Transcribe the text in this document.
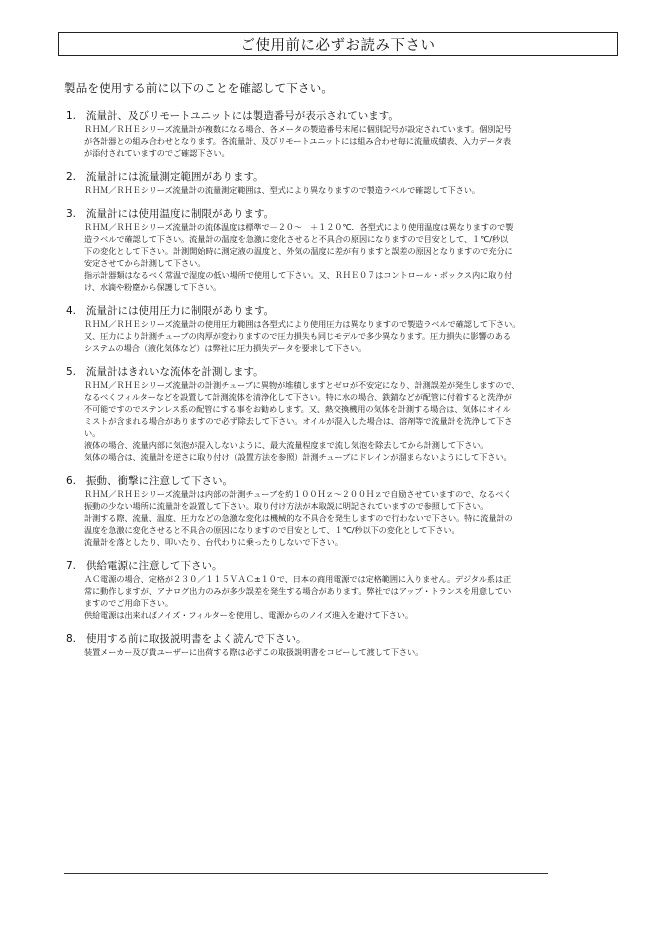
ご使用前に必ずお読み下さい
製品を使用する前に以下のことを確認して下さい。
1. 流量計、及びリモートユニットには製造番号が表示されています。

ＲＨＭ／ＲＨＥシリーズ流量計が複数になる場合、各メータの製造番号末尾に個別記号が設定されています。個別記号

が各計器との組み合わせとなります。各流量計、及びリモートユニットには組み合わせ毎に流量成績表、入力データ表

が添付されていますのでご確認下さい。

2. 流量計には流量測定範囲があります。

ＲＨＭ／ＲＨＥシリーズ流量計の流量測定範囲は、型式により異なりますので製造ラベルで確認して下さい。

3. 流量計には使用温度に制限があります。

ＲＨＭ／ＲＨＥシリーズ流量計の流体温度は標準で－２０～　＋１２０℃．各型式により使用温度は異なりますので製

造ラベルで確認して下さい。流量計の温度を急激に変化させると不具合の原因になりますので目安として、１℃/秒以

下の変化として下さい。計測開始時に測定液の温度と、外気の温度に差が有りますと誤差の原因となりますので充分に

安定させてから計測して下さい。

指示計器類はなるべく常温で湿度の低い場所で使用して下さい。又、ＲＨＥ０７はコントロール・ボックス内に取り付

け、水滴や粉塵から保護して下さい。

4. 流量計には使用圧力に制限があります。

ＲＨＭ／ＲＨＥシリーズ流量計の使用圧力範囲は各型式により使用圧力は異なりますので製造ラベルで確認して下さい。

又、圧力により計測チューブの肉厚が変わりますので圧力損失も同じモデルで多少異なります。圧力損失に影響のある

システムの場合（液化気体など）は弊社に圧力損失データを要求して下さい。

5. 流量計はきれいな流体を計測します。

ＲＨＭ／ＲＨＥシリーズ流量計の計測チューブに異物が堆積しますとゼロが不安定になり、計測誤差が発生しますので、

なるべくフィルターなどを設置して計測流体を清浄化して下さい。特に水の場合、鉄錆などが配管に付着すると洗浄が

不可能ですのでステンレス系の配管にする事をお勧めします。又、熱交換機用の気体を計測する場合は、気体にオイル

ミストが含まれる場合がありますので必ず除去して下さい。オイルが混入した場合は、溶剤等で流量計を洗浄して下さ

い。

液体の場合、流量内部に気泡が混入しないように、最大流量程度まで流し気泡を除去してから計測して下さい。

気体の場合は、流量計を逆さに取り付け（設置方法を参照）計測チューブにドレインが溜まらないようにして下さい。

6. 振動、衝撃に注意して下さい。

ＲＨＭ／ＲＨＥシリーズ流量計は内部の計測チューブを約１００Ｈｚ～２００Ｈｚで自励させていますので、なるべく

振動の少ない場所に流量計を設置して下さい。取り付け方法が本取説に明記されていますので参照して下さい。

計測する際、流量、温度、圧力などの急激な変化は機械的な不具合を発生しますので行わないで下さい。特に流量計の

温度を急激に変化させると不具合の原因になりますので目安として、１℃/秒以下の変化として下さい。

流量計を落としたり、叩いたり、台代わりに乗ったりしないで下さい。

7. 供給電源に注意して下さい。

ＡＣ電源の場合、定格が２３０／１１５ＶＡＣ±１０で、日本の商用電源では定格範囲に入りません。デジタル系は正

常に動作しますが、アナログ出力のみが多少誤差を発生する場合があります。弊社ではアップ・トランスを用意してい

ますのでご用命下さい。

供給電源は出来ればノイズ・フィルターを使用し、電源からのノイズ進入を避けて下さい。

8. 使用する前に取扱説明書をよく読んで下さい。

装置メーカー及び貴ユーザーに出荷する際は必ずこの取扱説明書をコピーして渡して下さい。
